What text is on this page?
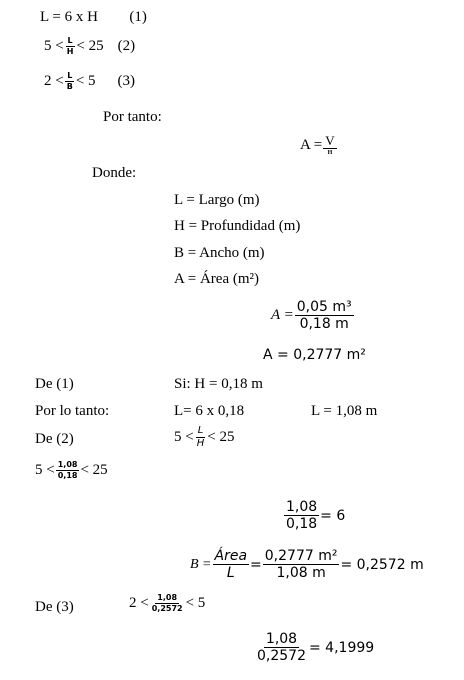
L = 6 x H (1)
$5 < \frac{L}{H} < 25$ (2)
$2 < \frac{L}{B} < 5$ (3)
Por tanto:
$A = \frac{V}{H}$
Donde:
L = Largo (m)
H = Profundidad (m)
B = Ancho (m)
A = Área (m²)
$A = \frac{\text{0,05 m³}}{0,18 m}$
A = 0,2777 m²
De (1)	Si: H = 0,18 m
Por lo tanto:	L= 6 x 0,18	L = 1,08 m
De (2)	$5 < \frac{L}{H} < 25$
$5 < \frac{1,08}{0,18} < 25$
$\frac{1,08}{0,18} = 6$
$B = \frac{\text{Área}}{L} = \frac{\text{0,2777 m²}}{1,08 m} = 0,2572$ m
De (3)	$2 < \frac{1,08}{0,2572} < 5$
$\frac{1,08}{0,2572} = 4,1999$
